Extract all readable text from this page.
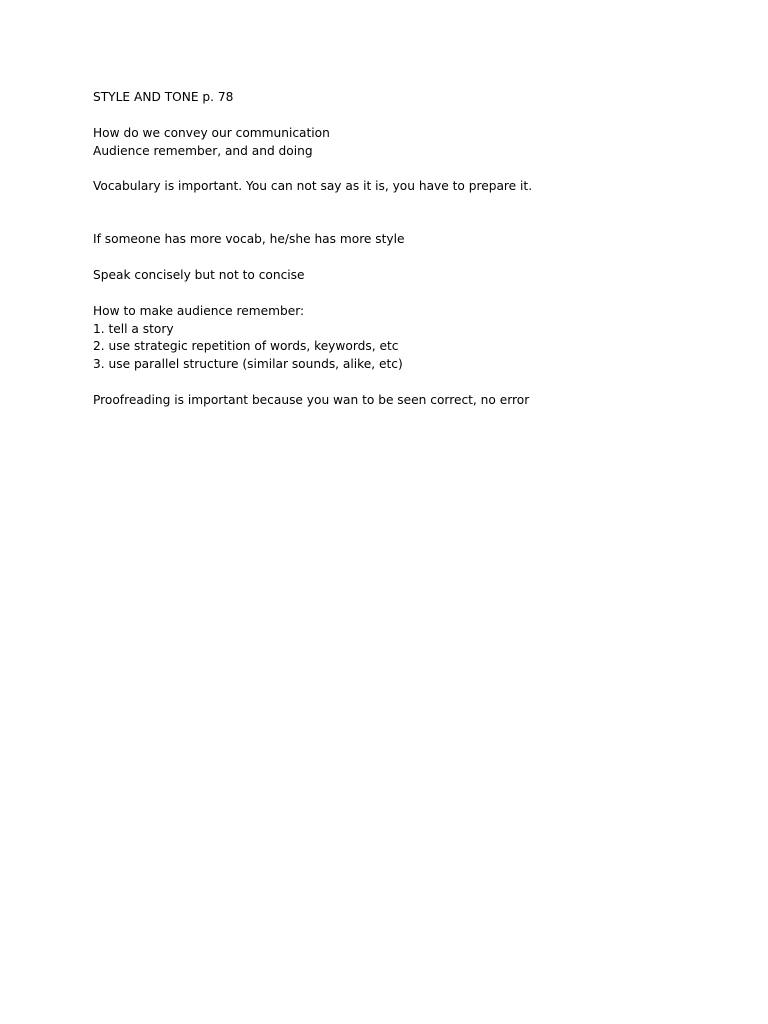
STYLE AND TONE p. 78
How do we convey our communication
Audience remember, and and doing
Vocabulary is important. You can not say as it is, you have to prepare it.
If someone has more vocab, he/she has more style
Speak concisely but not to concise
How to make audience remember:
1. tell a story
2. use strategic repetition of words, keywords, etc
3. use parallel structure (similar sounds, alike, etc)
Proofreading is important because you wan to be seen correct, no error
